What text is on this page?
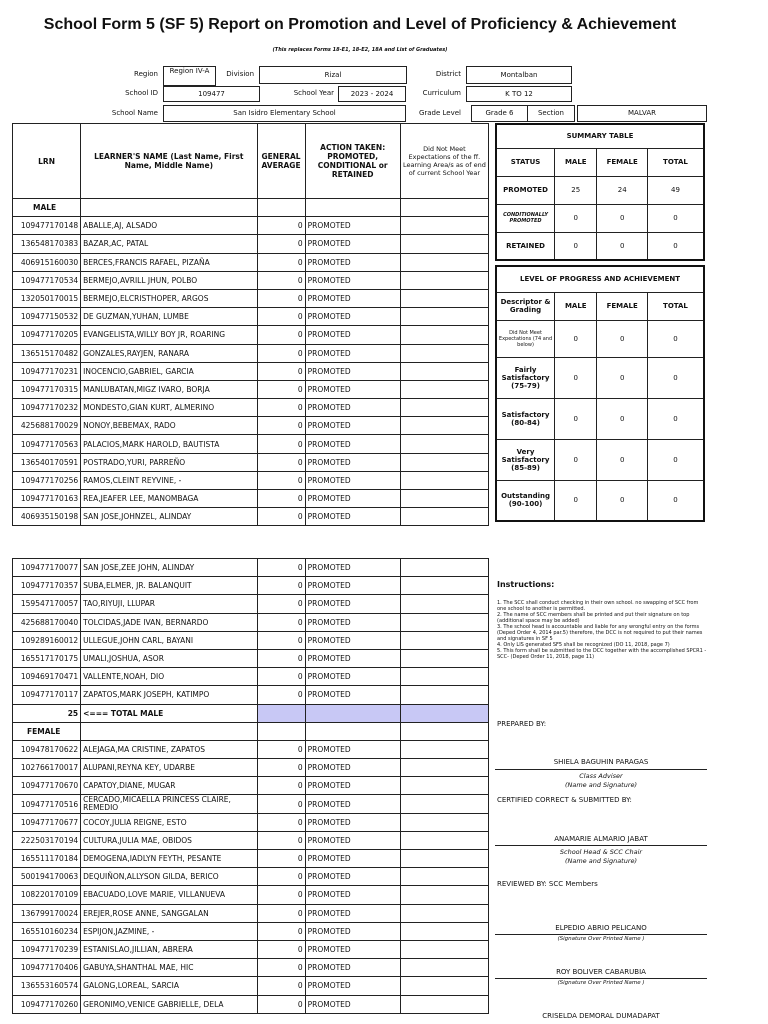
School Form 5 (SF 5) Report on Promotion and Level of Proficiency & Achievement
(This replaces Forms 18-E1, 18-E2, 18A and List of Graduates)
Region	Region IV-A	Division	Rizal	District	Montalban
School ID	109477	School Year	2023 - 2024	Curriculum	K TO 12
School Name	San Isidro Elementary School	Grade Level	Grade 6	Section	MALVAR
LRN	LEARNER'S NAME (Last Name, First Name, Middle Name)	GENERAL AVERAGE	ACTION TAKEN: PROMOTED, CONDITIONAL or RETAINED	Did Not Meet Expectations of the ff. Learning Area/s as of end of current School Year
MALE				
109477170148	ABALLE,AJ, ALSADO	0	PROMOTED	
136548170383	BAZAR,AC, PATAL	0	PROMOTED	
406915160030	BERCES,FRANCIS RAFAEL, PIZAÑA	0	PROMOTED	
109477170534	BERMEJO,AVRILL JHUN, POLBO	0	PROMOTED	
132050170015	BERMEJO,ELCRISTHOPER, ARGOS	0	PROMOTED	
109477150532	DE GUZMAN,YUHAN, LUMBE	0	PROMOTED	
109477170205	EVANGELISTA,WILLY BOY JR, ROARING	0	PROMOTED	
136515170482	GONZALES,RAYJEN, RANARA	0	PROMOTED	
109477170231	INOCENCIO,GABRIEL, GARCIA	0	PROMOTED	
109477170315	MANLUBATAN,MIGZ IVARO, BORJA	0	PROMOTED	
109477170232	MONDESTO,GIAN KURT, ALMERINO	0	PROMOTED	
425688170029	NONOY,BEBEMAX, RADO	0	PROMOTED	
109477170563	PALACIOS,MARK HAROLD, BAUTISTA	0	PROMOTED	
136540170591	POSTRADO,YURI, PARREÑO	0	PROMOTED	
109477170256	RAMOS,CLEINT REYVINE, -	0	PROMOTED	
109477170163	REA,JEAFER LEE, MANOMBAGA	0	PROMOTED	
406935150198	SAN JOSE,JOHNZEL, ALINDAY	0	PROMOTED	
109477170077	SAN JOSE,ZEE JOHN, ALINDAY	0	PROMOTED	
109477170357	SUBA,ELMER, JR. BALANQUIT	0	PROMOTED	
159547170057	TAO,RIYUJI, LLUPAR	0	PROMOTED	
425688170040	TOLCIDAS,JADE IVAN, BERNARDO	0	PROMOTED	
109289160012	ULLEGUE,JOHN CARL, BAYANI	0	PROMOTED	
165517170175	UMALI,JOSHUA, ASOR	0	PROMOTED	
109469170471	VALLENTE,NOAH, DIO	0	PROMOTED	
109477170117	ZAPATOS,MARK JOSEPH, KATIMPO	0	PROMOTED	
25	<=== TOTAL MALE			
FEMALE				
109478170622	ALEJAGA,MA CRISTINE, ZAPATOS	0	PROMOTED	
102766170017	ALUPANI,REYNA KEY, UDARBE	0	PROMOTED	
109477170670	CAPATOY,DIANE, MUGAR	0	PROMOTED	
109477170516	CERCADO,MICAELLA PRINCESS CLAIRE, REMEDIO	0	PROMOTED	
109477170677	COCOY,JULIA REIGNE, ESTO	0	PROMOTED	
222503170194	CULTURA,JULIA MAE, OBIDOS	0	PROMOTED	
165511170184	DEMOGENA,IADLYN FEYTH, PESANTE	0	PROMOTED	
500194170063	DEQUIÑON,ALLYSON GILDA, BERICO	0	PROMOTED	
108220170109	EBACUADO,LOVE MARIE, VILLANUEVA	0	PROMOTED	
136799170024	EREJER,ROSE ANNE, SANGGALAN	0	PROMOTED	
165510160234	ESPIJON,JAZMINE, -	0	PROMOTED	
109477170239	ESTANISLAO,JILLIAN, ABRERA	0	PROMOTED	
109477170406	GABUYA,SHANTHAL MAE, HIC	0	PROMOTED	
136553160574	GALONG,LOREAL, SARCIA	0	PROMOTED	
109477170260	GERONIMO,VENICE GABRIELLE, DELA	0	PROMOTED	
SUMMARY TABLE			
STATUS	MALE	FEMALE	TOTAL
PROMOTED	25	24	49
CONDITIONALLY PROMOTED	0	0	0
RETAINED	0	0	0
LEVEL OF PROGRESS AND ACHIEVEMENT			
Descriptor & Grading	MALE	FEMALE	TOTAL
Did Not Meet Expectations (74 and below)	0	0	0
Fairly Satisfactory (75-79)	0	0	0
Satisfactory (80-84)	0	0	0
Very Satisfactory (85-89)	0	0	0
Outstanding (90-100)	0	0	0
Instructions:

1. The SCC shall conduct checking in their own school. no swapping of SCC from one school to another is permitted.

2. The name of SCC members shall be printed and put their signature on top (additional space may be added)

3. The school head is accountable and liable for any wrongful entry on the forms (Deped Order 4, 2014 par.5) therefore, the DCC is not required to put their names and signatures in SF 5

4. Only LIS generated SF5 shall be recognized (DO 11, 2018, page 7)

5. This form shall be submitted to the DCC together with the accomplished SPCR1 - SCC- (Deped Order 11, 2018, page 11)

PREPARED BY:
SHIELA BAGUHIN PARAGAS
Class Adviser
(Name and Signature)
CERTIFIED CORRECT & SUBMITTED BY:
ANAMARIE ALMARIO JABAT
School Head & SCC Chair
(Name and Signature)
REVIEWED BY: SCC Members
ELPEDIO ABRIO PELICANO
(Signature Over Printed Name )
ROY BOLIVER CABARUBIA
(Signature Over Printed Name )
CRISELDA DEMORAL DUMADAPAT
